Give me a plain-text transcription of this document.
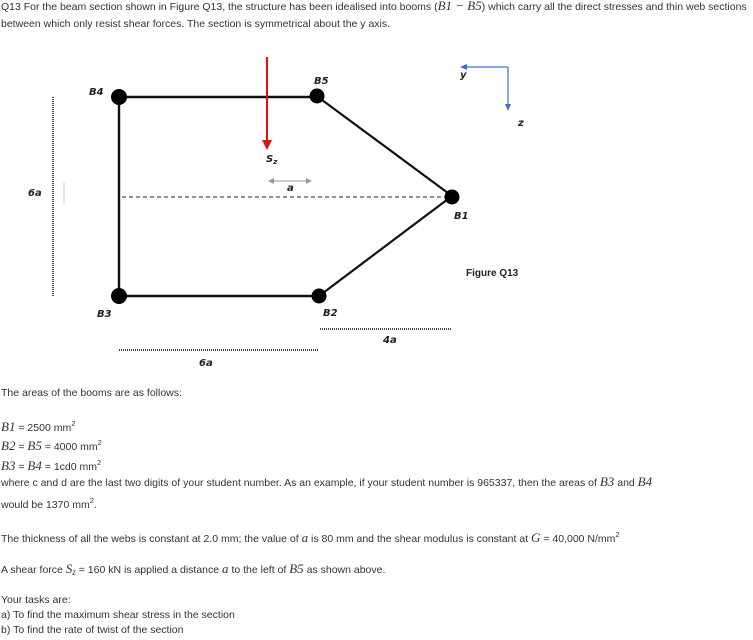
Q13 For the beam section shown in Figure Q13, the structure has been idealised into booms (B1 − B5) which carry all the direct stresses and thin web sections between which only resist shear forces. The section is symmetrical about the y axis.
B4
B5
B1
B3	B2
$S_z$
a
y
z
6a
6a
4a
Figure Q13
The areas of the booms are as follows:
B1 = 2500 $mm^2$
B2 = B5 = 4000 $mm^2$
B3 = B4 = 1cd0 $mm^2$
where c and d are the last two digits of your student number. As an example, if your student number is 965337, then the areas of B3 and B4
would be 1370 $mm^2$.
The thickness of all the webs is constant at 2.0 mm; the value of a is 80 mm and the shear modulus is constant at G = 40,000 $N/mm^2$
A shear force Sz = 160 kN is applied a distance a to the left of B5 as shown above.
Your tasks are:
a) To find the maximum shear stress in the section
b) To find the rate of twist of the section
